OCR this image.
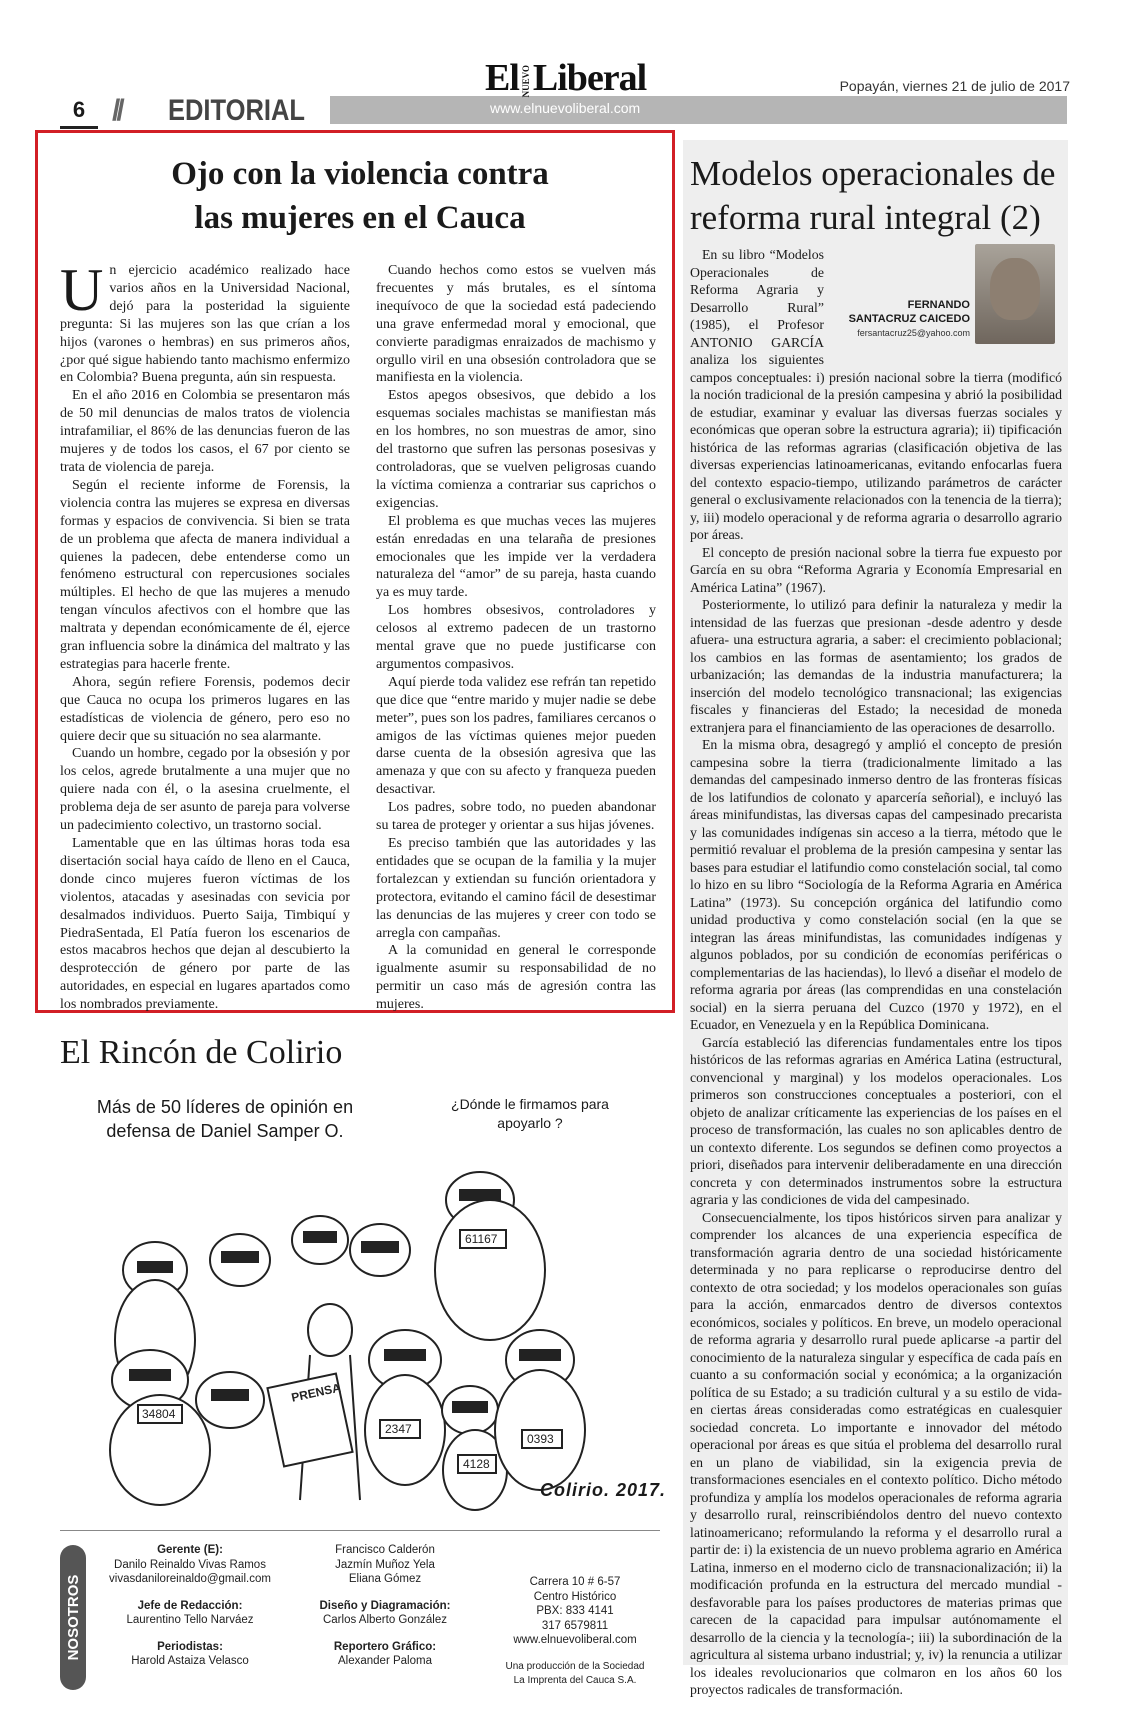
6 // EDITORIAL
El NUEVOLiberal	Popayán, viernes 21 de julio de 2017
www.elnuevoliberal.com
Ojo con la violencia contra
las mujeres en el Cauca

Un ejercicio académico realizado hace varios años en la Universidad Nacional, dejó para la posteridad la siguiente pregunta: Si las mujeres son las que crían a los hijos (varones o hembras) en sus primeros años, ¿por qué sigue habiendo tanto machismo enfermizo en Colombia? Buena pregunta, aún sin respuesta.

En el año 2016 en Colombia se presentaron más de 50 mil denuncias de malos tratos de violencia intrafamiliar, el 86% de las denuncias fueron de las mujeres y de todos los casos, el 67 por ciento se trata de violencia de pareja.

Según el reciente informe de Forensis, la violencia contra las mujeres se expresa en diversas formas y espacios de convivencia. Si bien se trata de un problema que afecta de manera individual a quienes la padecen, debe entenderse como un fenómeno estructural con repercusiones sociales múltiples. El hecho de que las mujeres a menudo tengan vínculos afectivos con el hombre que las maltrata y dependan económicamente de él, ejerce gran influencia sobre la dinámica del maltrato y las estrategias para hacerle frente.

Ahora, según refiere Forensis, podemos decir que Cauca no ocupa los primeros lugares en las estadísticas de violencia de género, pero eso no quiere decir que su situación no sea alarmante.

Cuando un hombre, cegado por la obsesión y por los celos, agrede brutalmente a una mujer que no quiere nada con él, o la asesina cruelmente, el problema deja de ser asunto de pareja para volverse un padecimiento colectivo, un trastorno social.

Lamentable que en las últimas horas toda esa disertación social haya caído de lleno en el Cauca, donde cinco mujeres fueron víctimas de los violentos, atacadas y asesinadas con sevicia por desalmados individuos. Puerto Saija, Timbiquí y PiedraSentada, El Patía fueron los escenarios de estos macabros hechos que dejan al descubierto la desprotección de género por parte de las autoridades, en especial en lugares apartados como los nombrados previamente.

Cuando hechos como estos se vuelven más frecuentes y más brutales, es el síntoma inequívoco de que la sociedad está padeciendo una grave enfermedad moral y emocional, que convierte paradigmas enraizados de machismo y orgullo viril en una obsesión controladora que se manifiesta en la violencia.

Estos apegos obsesivos, que debido a los esquemas sociales machistas se manifiestan más en los hombres, no son muestras de amor, sino del trastorno que sufren las personas posesivas y controladoras, que se vuelven peligrosas cuando la víctima comienza a contrariar sus caprichos o exigencias.

El problema es que muchas veces las mujeres están enredadas en una telaraña de presiones emocionales que les impide ver la verdadera naturaleza del “amor” de su pareja, hasta cuando ya es muy tarde.

Los hombres obsesivos, controladores y celosos al extremo padecen de un trastorno mental grave que no puede justificarse con argumentos compasivos.

Aquí pierde toda validez ese refrán tan repetido que dice que “entre marido y mujer nadie se debe meter”, pues son los padres, familiares cercanos o amigos de las víctimas quienes mejor pueden darse cuenta de la obsesión agresiva que las amenaza y que con su afecto y franqueza pueden desactivar.

Los padres, sobre todo, no pueden abandonar su tarea de proteger y orientar a sus hijas jóvenes.

Es preciso también que las autoridades y las entidades que se ocupan de la familia y la mujer fortalezcan y extiendan su función orientadora y protectora, evitando el camino fácil de desestimar las denuncias de las mujeres y creer con todo se arregla con campañas.

A la comunidad en general le corresponde igualmente asumir su responsabilidad de no permitir un caso más de agresión contra las mujeres.

Modelos operacionales de reforma rural integral (2)
FERNANDO
SANTACRUZ CAICEDO
fersantacruz25@yahoo.com

En su libro “Modelos Operacionales de Reforma Agraria y Desarrollo Rural” (1985), el Profesor ANTONIO GARCÍA analiza los siguientes campos conceptuales: i) presión nacional sobre la tierra (modificó la noción tradicional de la presión campesina y abrió la posibilidad de estudiar, examinar y evaluar las diversas fuerzas sociales y económicas que operan sobre la estructura agraria); ii) tipificación histórica de las reformas agrarias (clasificación objetiva de las diversas experiencias latinoamericanas, evitando enfocarlas fuera del contexto espacio-tiempo, utilizando parámetros de carácter general o exclusivamente relacionados con la tenencia de la tierra); y, iii) modelo operacional y de reforma agraria o desarrollo agrario por áreas.

El concepto de presión nacional sobre la tierra fue expuesto por García en su obra “Reforma Agraria y Economía Empresarial en América Latina” (1967).

Posteriormente, lo utilizó para definir la naturaleza y medir la intensidad de las fuerzas que presionan -desde adentro y desde afuera- una estructura agraria, a saber: el crecimiento poblacional; los cambios en las formas de asentamiento; los grados de urbanización; las demandas de la industria manufacturera; la inserción del modelo tecnológico transnacional; las exigencias fiscales y financieras del Estado; la necesidad de moneda extranjera para el financiamiento de las operaciones de desarrollo.

En la misma obra, desagregó y amplió el concepto de presión campesina sobre la tierra (tradicionalmente limitado a las demandas del campesinado inmerso dentro de las fronteras físicas de los latifundios de colonato y aparcería señorial), e incluyó las áreas minifundistas, las diversas capas del campesinado precarista y las comunidades indígenas sin acceso a la tierra, método que le permitió revaluar el problema de la presión campesina y sentar las bases para estudiar el latifundio como constelación social, tal como lo hizo en su libro “Sociología de la Reforma Agraria en América Latina” (1973). Su concepción orgánica del latifundio como unidad productiva y como constelación social (en la que se integran las áreas minifundistas, las comunidades indígenas y algunos poblados, por su condición de economías periféricas o complementarias de las haciendas), lo llevó a diseñar el modelo de reforma agraria por áreas (las comprendidas en una constelación social) en la sierra peruana del Cuzco (1970 y 1972), en el Ecuador, en Venezuela y en la República Dominicana.

García estableció las diferencias fundamentales entre los tipos históricos de las reformas agrarias en América Latina (estructural, convencional y marginal) y los modelos operacionales. Los primeros son construcciones conceptuales a posteriori, con el objeto de analizar críticamente las experiencias de los países en el proceso de transformación, las cuales no son aplicables dentro de un contexto diferente. Los segundos se definen como proyectos a priori, diseñados para intervenir deliberadamente en una dirección concreta y con determinados instrumentos sobre la estructura agraria y las condiciones de vida del campesinado.

Consecuencialmente, los tipos históricos sirven para analizar y comprender los alcances de una experiencia específica de transformación agraria dentro de una sociedad históricamente determinada y no para replicarse o reproducirse dentro del contexto de otra sociedad; y los modelos operacionales son guías para la acción, enmarcados dentro de diversos contextos económicos, sociales y políticos. En breve, un modelo operacional de reforma agraria y desarrollo rural puede aplicarse -a partir del conocimiento de la naturaleza singular y específica de cada país en cuanto a su conformación social y económica; a la organización política de su Estado; a su tradición cultural y a su estilo de vida- en ciertas áreas consideradas como estratégicas en cualesquier sociedad concreta. Lo importante e innovador del método operacional por áreas es que sitúa el problema del desarrollo rural en un plano de viabilidad, sin la exigencia previa de transformaciones esenciales en el contexto político. Dicho método profundiza y amplía los modelos operacionales de reforma agraria y desarrollo rural, reinscribiéndolos dentro del nuevo contexto latinoamericano; reformulando la reforma y el desarrollo rural a partir de: i) la existencia de un nuevo problema agrario en América Latina, inmerso en el moderno ciclo de transnacionalización; ii) la modificación profunda en la estructura del mercado mundial -desfavorable para los países productores de materias primas que carecen de la capacidad para impulsar autónomamente el desarrollo de la ciencia y la tecnología-; iii) la subordinación de la agricultura al sistema urbano industrial; y, iv) la renuncia a utilizar los ideales revolucionarios que colmaron en los años 60 los proyectos radicales de transformación.

El Rincón de Colirio
34804
61167
2347
4128
0393
PRENSA
Más de 50 líderes de opinión en defensa de Daniel Samper O.
¿Dónde le firmamos para apoyarlo ?
Colirio. 2017.
NOSOTROS
Gerente (E):
Danilo Reinaldo Vivas Ramos
vivasdaniloreinaldo@gmail.com
Jefe de Redacción:
Laurentino Tello Narváez
Periodistas:
Harold Astaiza Velasco
Francisco Calderón
Jazmín Muñoz Yela
Eliana Gómez
Diseño y Diagramación:
Carlos Alberto González
Reportero Gráfico:
Alexander Paloma
Carrera 10 # 6-57
Centro Histórico
PBX: 833 4141
317 6579811
www.elnuevoliberal.com
Una producción de la Sociedad
La Imprenta del Cauca S.A.
